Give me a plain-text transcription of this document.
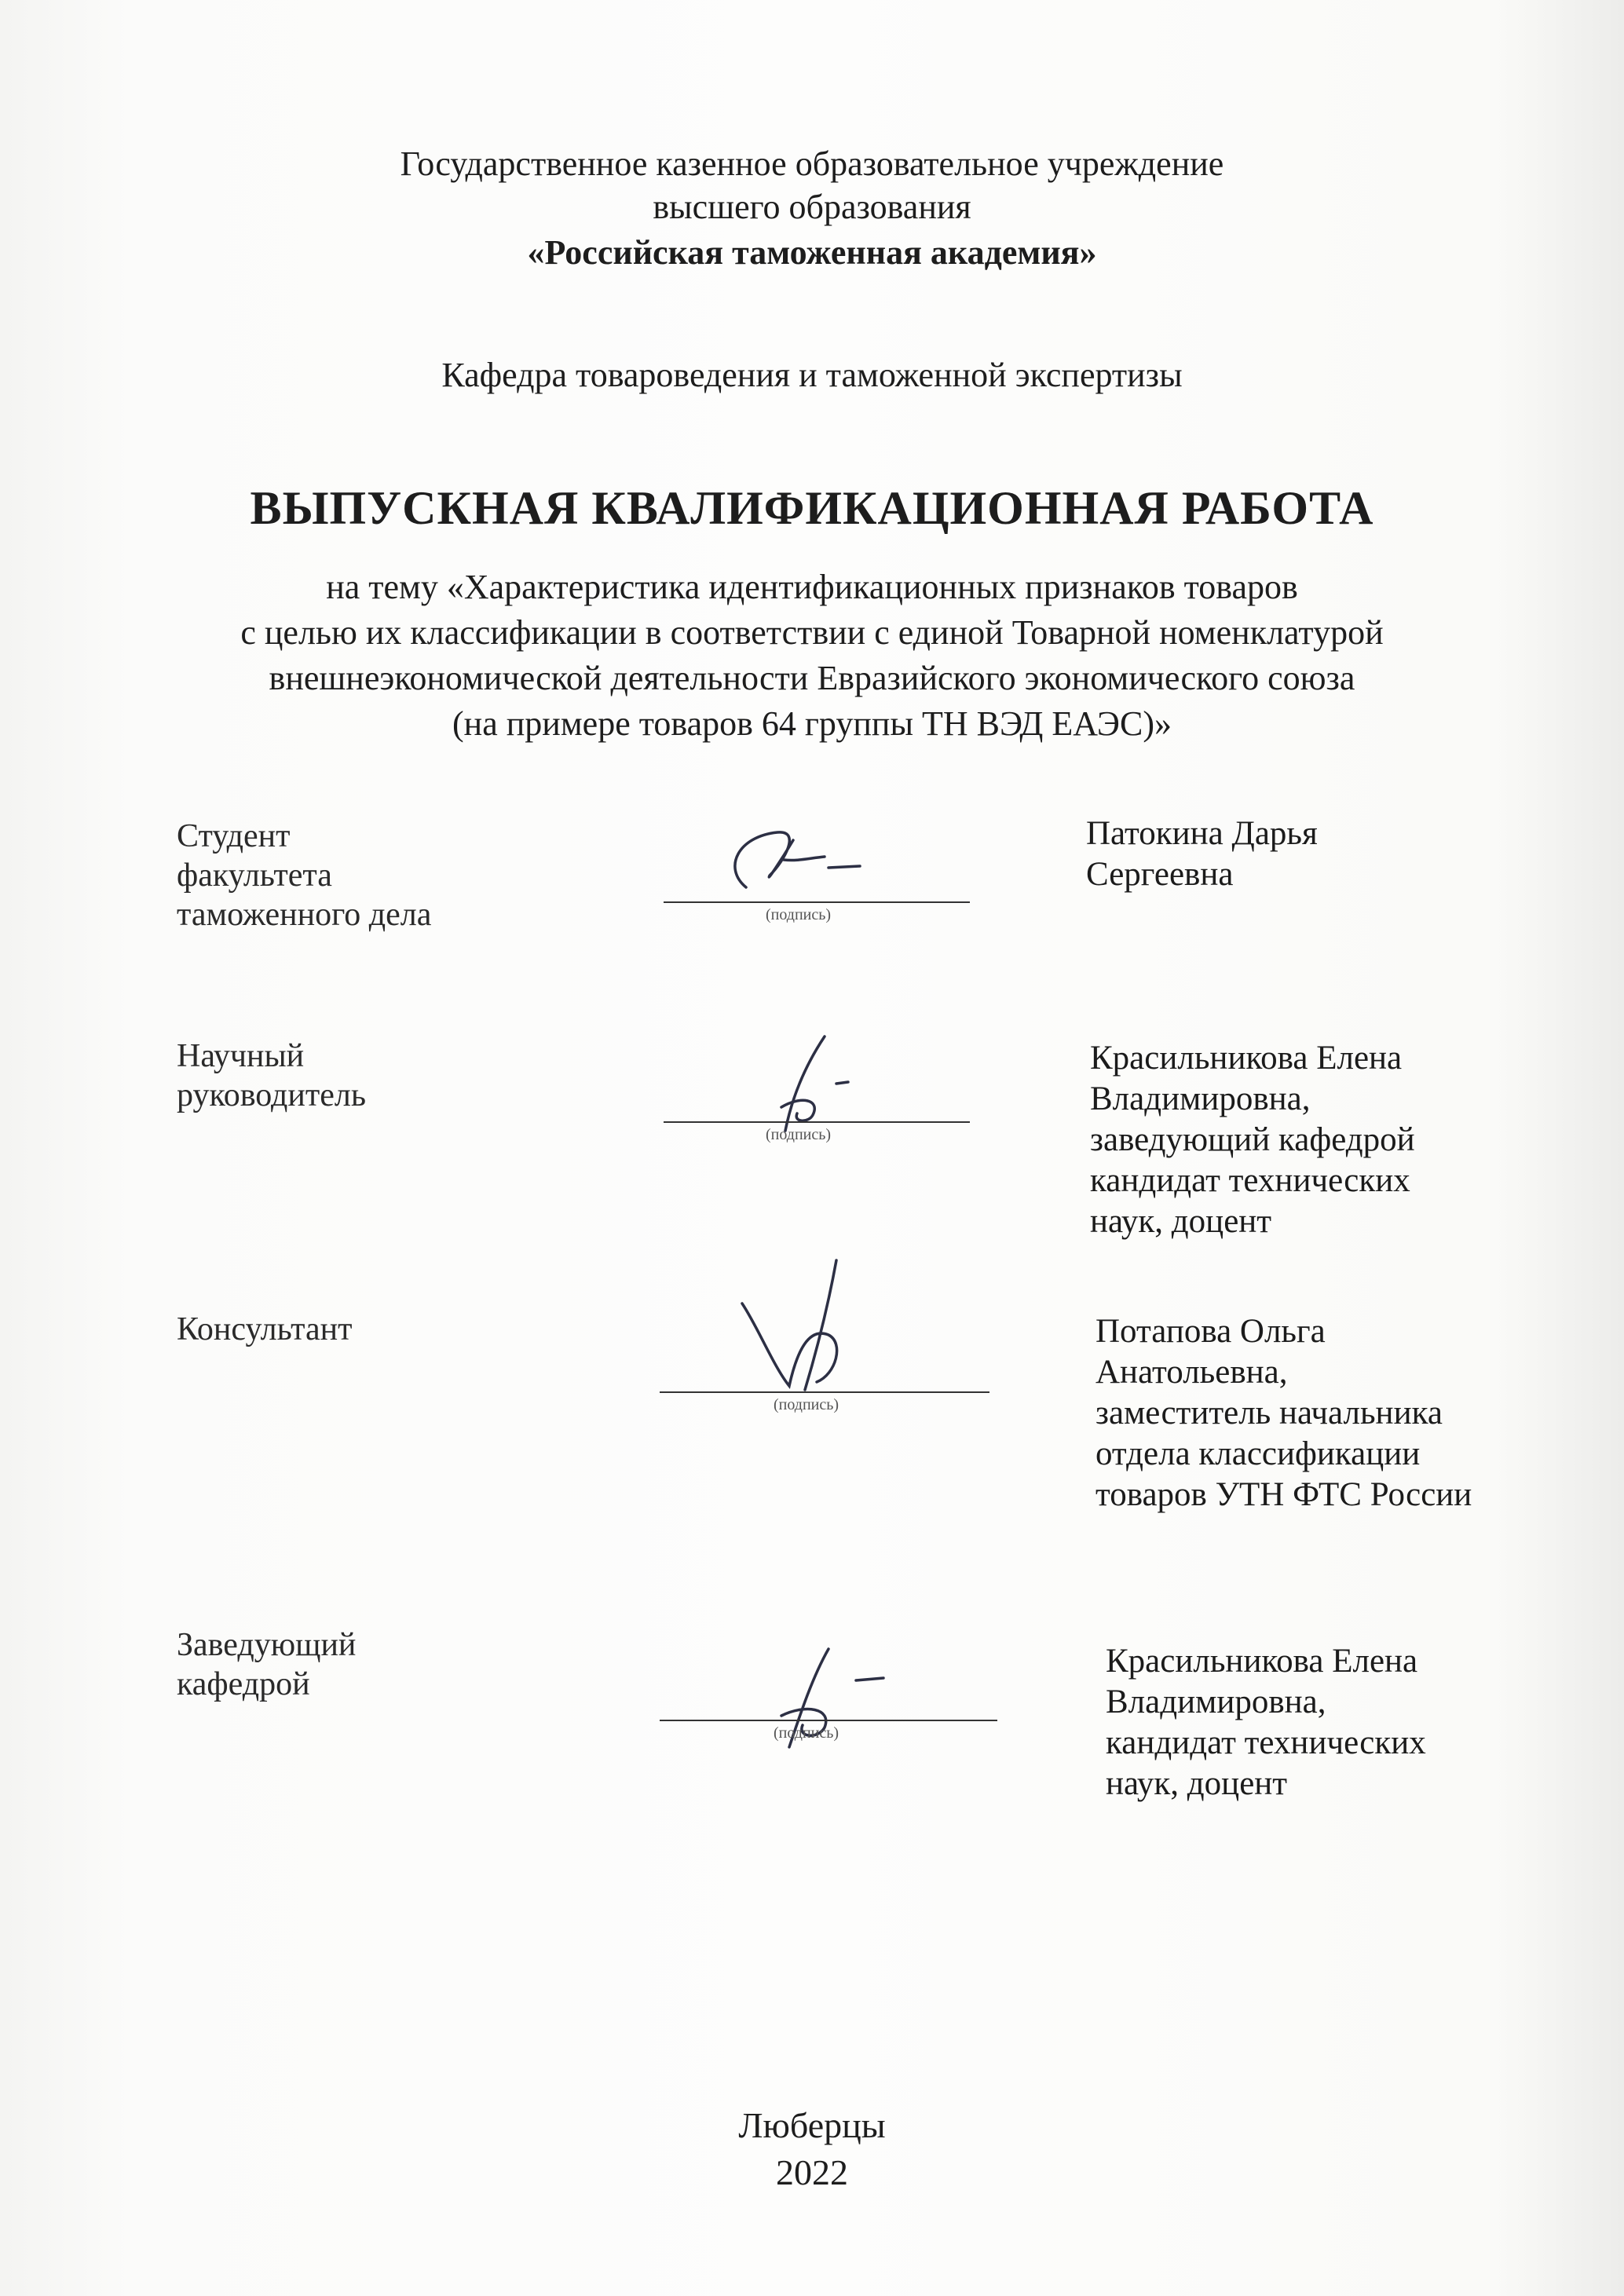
Государственное казенное образовательное учреждение
высшего образования
«Российская таможенная академия»
Кафедра товароведения и таможенной экспертизы
ВЫПУСКНАЯ КВАЛИФИКАЦИОННАЯ РАБОТА
на тему «Характеристика идентификационных признаков товаров
с целью их классификации в соответствии с единой Товарной номенклатурой
внешнеэкономической деятельности Евразийского экономического союза
(на примере товаров 64 группы ТН ВЭД ЕАЭС)»
Студент
факультета
таможенного дела	(подпись)
Патокина Дарья
Сергеевна
Научный
руководитель
(подпись)
Красильникова Елена
Владимировна,
заведующий кафедрой
кандидат технических
наук, доцент
Консультант
(подпись)
Потапова Ольга
Анатольевна,
заместитель начальника
отдела классификации
товаров УТН ФТС России
Заведующий
кафедрой
(подпись)
Красильникова Елена
Владимировна,
кандидат технических
наук, доцент
Люберцы
2022
